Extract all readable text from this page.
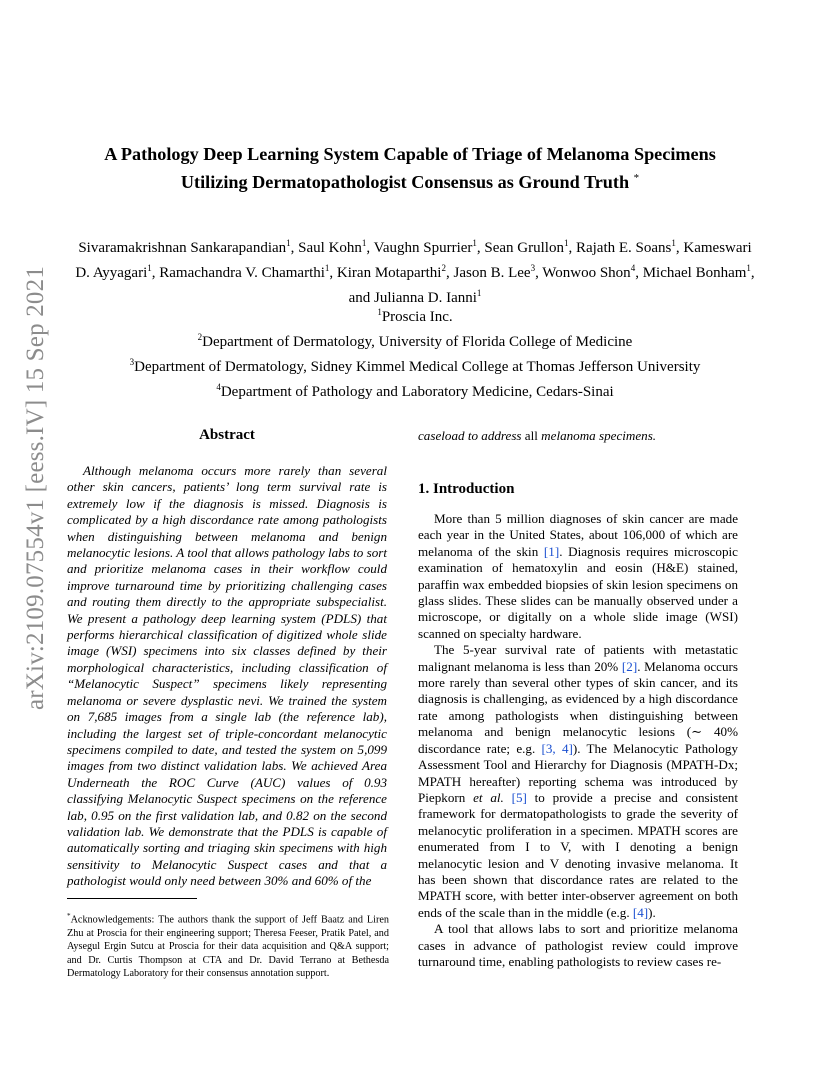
arXiv:2109.07554v1 [eess.IV] 15 Sep 2021
A Pathology Deep Learning System Capable of Triage of Melanoma Specimens
Utilizing Dermatopathologist Consensus as Ground Truth *
Sivaramakrishnan Sankarapandian$^1$, Saul Kohn$^1$, Vaughn Spurrier$^1$, Sean Grullon$^1$, Rajath E. Soans$^1$, Kameswari D. Ayyagari$^1$, Ramachandra V. Chamarthi$^1$, Kiran Motaparthi$^2$, Jason B. Lee$^3$, Wonwoo Shon$^4$, Michael Bonham$^1$, and Julianna D. Ianni$^1$
$^1$Proscia Inc.
$^2$Department of Dermatology, University of Florida College of Medicine
$^3$Department of Dermatology, Sidney Kimmel Medical College at Thomas Jefferson University
$^4$Department of Pathology and Laboratory Medicine, Cedars-Sinai
Abstract
Although melanoma occurs more rarely than several other skin cancers, patients’ long term survival rate is extremely low if the diagnosis is missed. Diagnosis is complicated by a high discordance rate among pathologists when distinguishing between melanoma and benign melanocytic lesions. A tool that allows pathology labs to sort and prioritize melanoma cases in their workflow could improve turnaround time by prioritizing challenging cases and routing them directly to the appropriate subspecialist. We present a pathology deep learning system (PDLS) that performs hierarchical classification of digitized whole slide image (WSI) specimens into six classes defined by their morphological characteristics, including classification of “Melanocytic Suspect” specimens likely representing melanoma or severe dysplastic nevi. We trained the system on 7,685 images from a single lab (the reference lab), including the largest set of triple-concordant melanocytic specimens compiled to date, and tested the system on 5,099 images from two distinct validation labs. We achieved Area Underneath the ROC Curve (AUC) values of 0.93 classifying Melanocytic Suspect specimens on the reference lab, 0.95 on the first validation lab, and 0.82 on the second validation lab. We demonstrate that the PDLS is capable of automatically sorting and triaging skin specimens with high sensitivity to Melanocytic Suspect cases and that a pathologist would only need between 30% and 60% of the
caseload to address all melanoma specimens.
1. Introduction

More than 5 million diagnoses of skin cancer are made each year in the United States, about 106,000 of which are melanoma of the skin [1]. Diagnosis requires microscopic examination of hematoxylin and eosin (H&E) stained, paraffin wax embedded biopsies of skin lesion specimens on glass slides. These slides can be manually observed under a microscope, or digitally on a whole slide image (WSI) scanned on specialty hardware.

The 5-year survival rate of patients with metastatic malignant melanoma is less than 20% [2]. Melanoma occurs more rarely than several other types of skin cancer, and its diagnosis is challenging, as evidenced by a high discordance rate among pathologists when distinguishing between melanoma and benign melanocytic lesions (∼ 40% discordance rate; e.g. [3, 4]). The Melanocytic Pathology Assessment Tool and Hierarchy for Diagnosis (MPATH-Dx; MPATH hereafter) reporting schema was introduced by Piepkorn et al. [5] to provide a precise and consistent framework for dermatopathologists to grade the severity of melanocytic proliferation in a specimen. MPATH scores are enumerated from I to V, with I denoting a benign melanocytic lesion and V denoting invasive melanoma. It has been shown that discordance rates are related to the MPATH score, with better inter-observer agreement on both ends of the scale than in the middle (e.g. [4]).

A tool that allows labs to sort and prioritize melanoma cases in advance of pathologist review could improve turnaround time, enabling pathologists to review cases re-

*Acknowledgements: The authors thank the support of Jeff Baatz and Liren Zhu at Proscia for their engineering support; Theresa Feeser, Pratik Patel, and Aysegul Ergin Sutcu at Proscia for their data acquisition and Q&A support; and Dr. Curtis Thompson at CTA and Dr. David Terrano at Bethesda Dermatology Laboratory for their consensus annotation support.
